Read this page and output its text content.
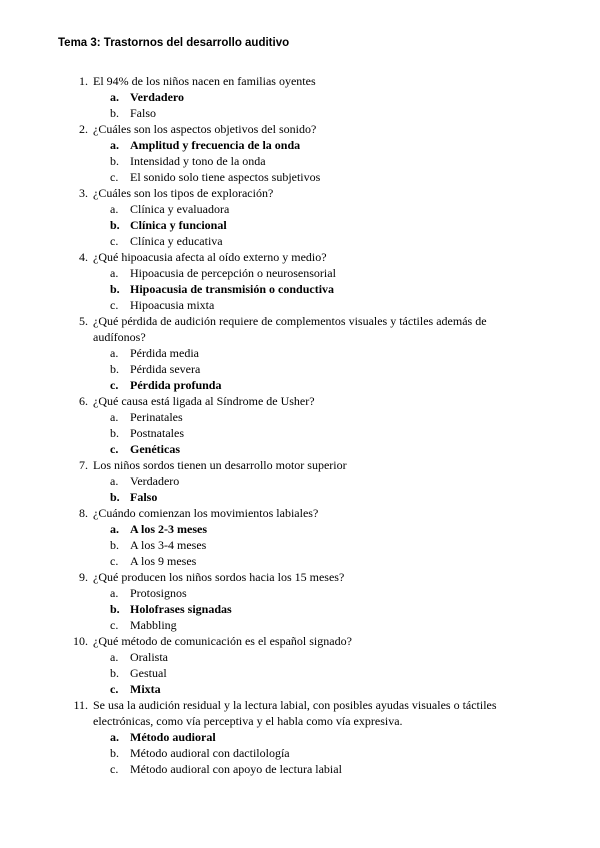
Tema 3: Trastornos del desarrollo auditivo
1. El 94% de los niños nacen en familias oyentes
a. Verdadero
b. Falso
2. ¿Cuáles son los aspectos objetivos del sonido?
a. Amplitud y frecuencia de la onda
b. Intensidad y tono de la onda
c. El sonido solo tiene aspectos subjetivos
3. ¿Cuáles son los tipos de exploración?
a. Clínica y evaluadora
b. Clínica y funcional
c. Clínica y educativa
4. ¿Qué hipoacusia afecta al oído externo y medio?
a. Hipoacusia de percepción o neurosensorial
b. Hipoacusia de transmisión o conductiva
c. Hipoacusia mixta
5. ¿Qué pérdida de audición requiere de complementos visuales y táctiles además de audífonos?
a. Pérdida media
b. Pérdida severa
c. Pérdida profunda
6. ¿Qué causa está ligada al Síndrome de Usher?
a. Perinatales
b. Postnatales
c. Genéticas
7. Los niños sordos tienen un desarrollo motor superior
a. Verdadero
b. Falso
8. ¿Cuándo comienzan los movimientos labiales?
a. A los 2-3 meses
b. A los 3-4 meses
c. A los 9 meses
9. ¿Qué producen los niños sordos hacia los 15 meses?
a. Protosignos
b. Holofrases signadas
c. Mabbling
10. ¿Qué método de comunicación es el español signado?
a. Oralista
b. Gestual
c. Mixta
11. Se usa la audición residual y la lectura labial, con posibles ayudas visuales o táctiles electrónicas, como vía perceptiva y el habla como vía expresiva.
a. Método audioral
b. Método audioral con dactilología
c. Método audioral con apoyo de lectura labial
